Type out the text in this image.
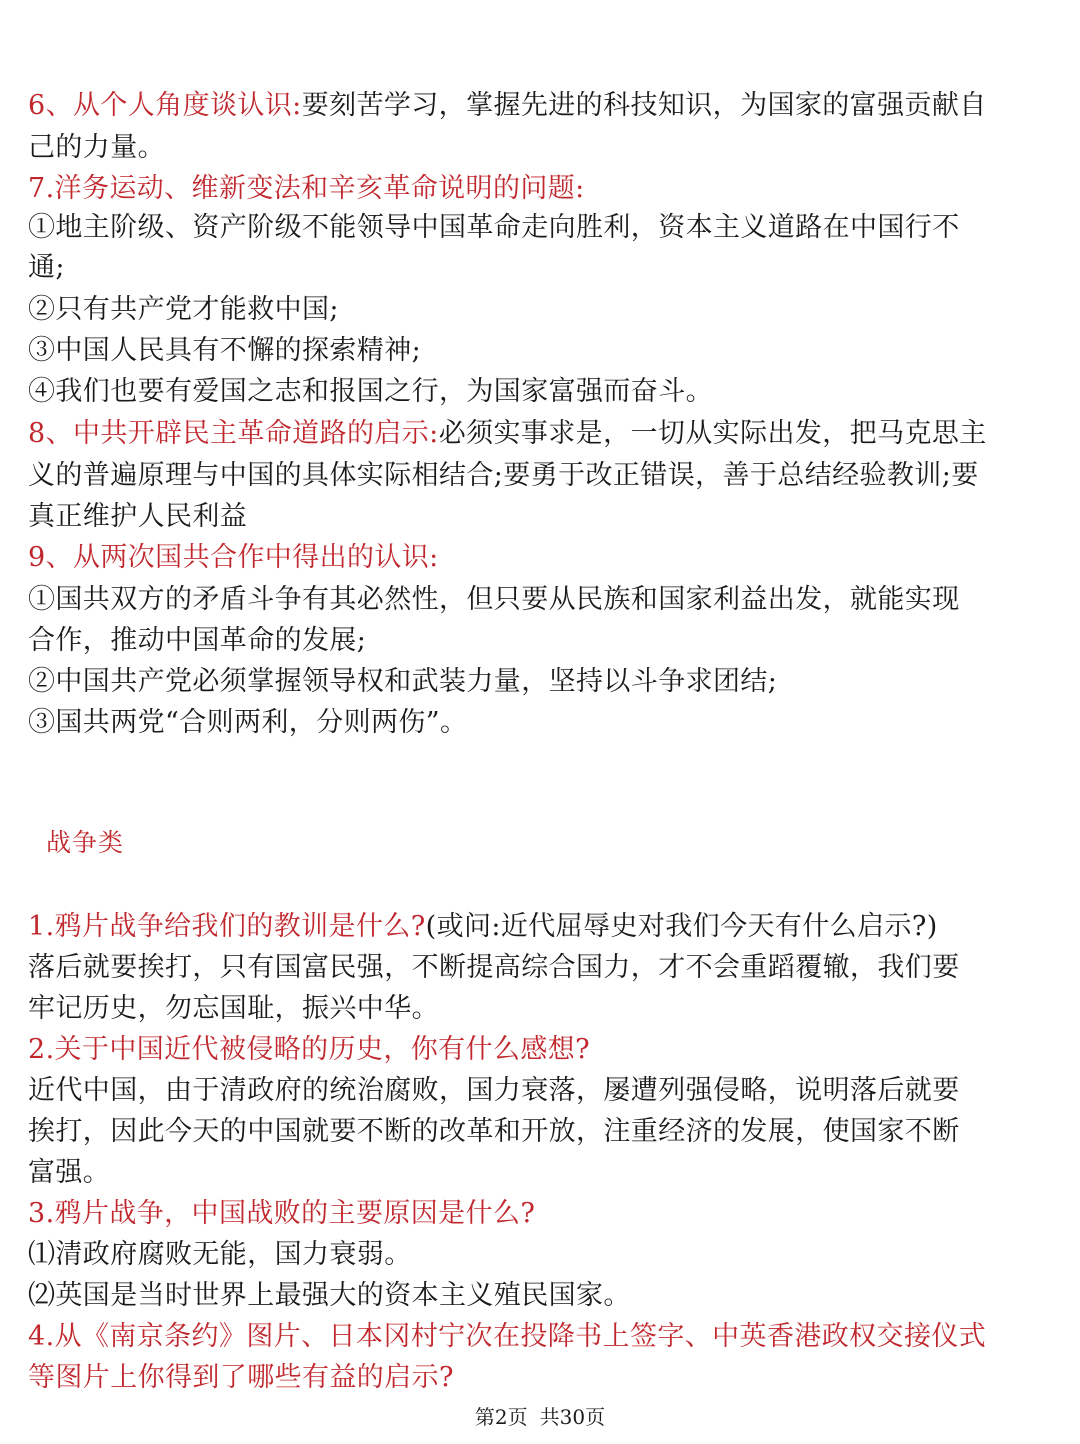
6、从个人角度谈认识:要刻苦学习，掌握先进的科技知识，为国家的富强贡献自
己的力量。
7.洋务运动、维新变法和辛亥革命说明的问题:
①地主阶级、资产阶级不能领导中国革命走向胜利，资本主义道路在中国行不
通;
②只有共产党才能救中国;
③中国人民具有不懈的探索精神;
④我们也要有爱国之志和报国之行，为国家富强而奋斗。
8、中共开辟民主革命道路的启示:必须实事求是，一切从实际出发，把马克思主
义的普遍原理与中国的具体实际相结合;要勇于改正错误，善于总结经验教训;要
真正维护人民利益
9、从两次国共合作中得出的认识:
①国共双方的矛盾斗争有其必然性，但只要从民族和国家利益出发，就能实现
合作，推动中国革命的发展;
②中国共产党必须掌握领导权和武装力量，坚持以斗争求团结;
③国共两党“合则两利，分则两伤”。
战争类
1.鸦片战争给我们的教训是什么?(或问:近代屈辱史对我们今天有什么启示?)
落后就要挨打，只有国富民强，不断提高综合国力，才不会重蹈覆辙，我们要
牢记历史，勿忘国耻，振兴中华。
2.关于中国近代被侵略的历史，你有什么感想?
近代中国，由于清政府的统治腐败，国力衰落，屡遭列强侵略，说明落后就要
挨打，因此今天的中国就要不断的改革和开放，注重经济的发展，使国家不断
富强。
3.鸦片战争，中国战败的主要原因是什么?
⑴清政府腐败无能，国力衰弱。
⑵英国是当时世界上最强大的资本主义殖民国家。
4.从《南京条约》图片、日本冈村宁次在投降书上签字、中英香港政权交接仪式
等图片上你得到了哪些有益的启示?
第2页 共30页
